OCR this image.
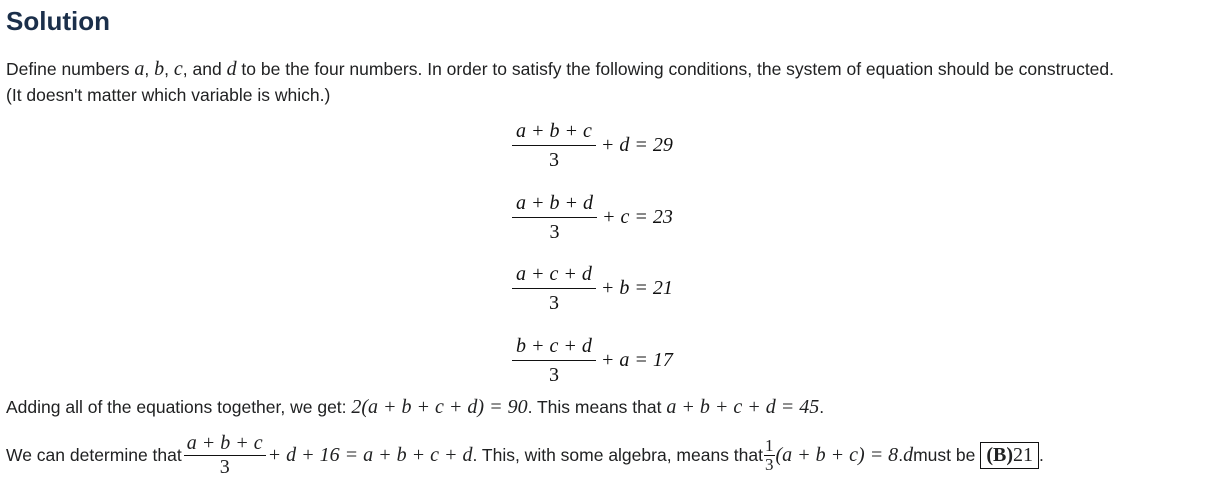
Solution
Define numbers a, b, c, and d to be the four numbers. In order to satisfy the following conditions, the system of equation should be constructed.
(It doesn't matter which variable is which.)
$\frac{a + b + c}{3} + d = 29$
$\frac{a + b + d}{3} + c = 23$
$\frac{a + c + d}{3} + b = 21$
$\frac{b + c + d}{3} + a = 17$
Adding all of the equations together, we get: 2(a + b + c + d) = 90. This means that a + b + c + d = 45.
We can determine that $\frac{a + b + c}{3} + d + 16 = a + b + c + d$ . This, with some algebra, means that $\frac{1}{3} (a + b + c) = 8$ . d must be (B)21 .
